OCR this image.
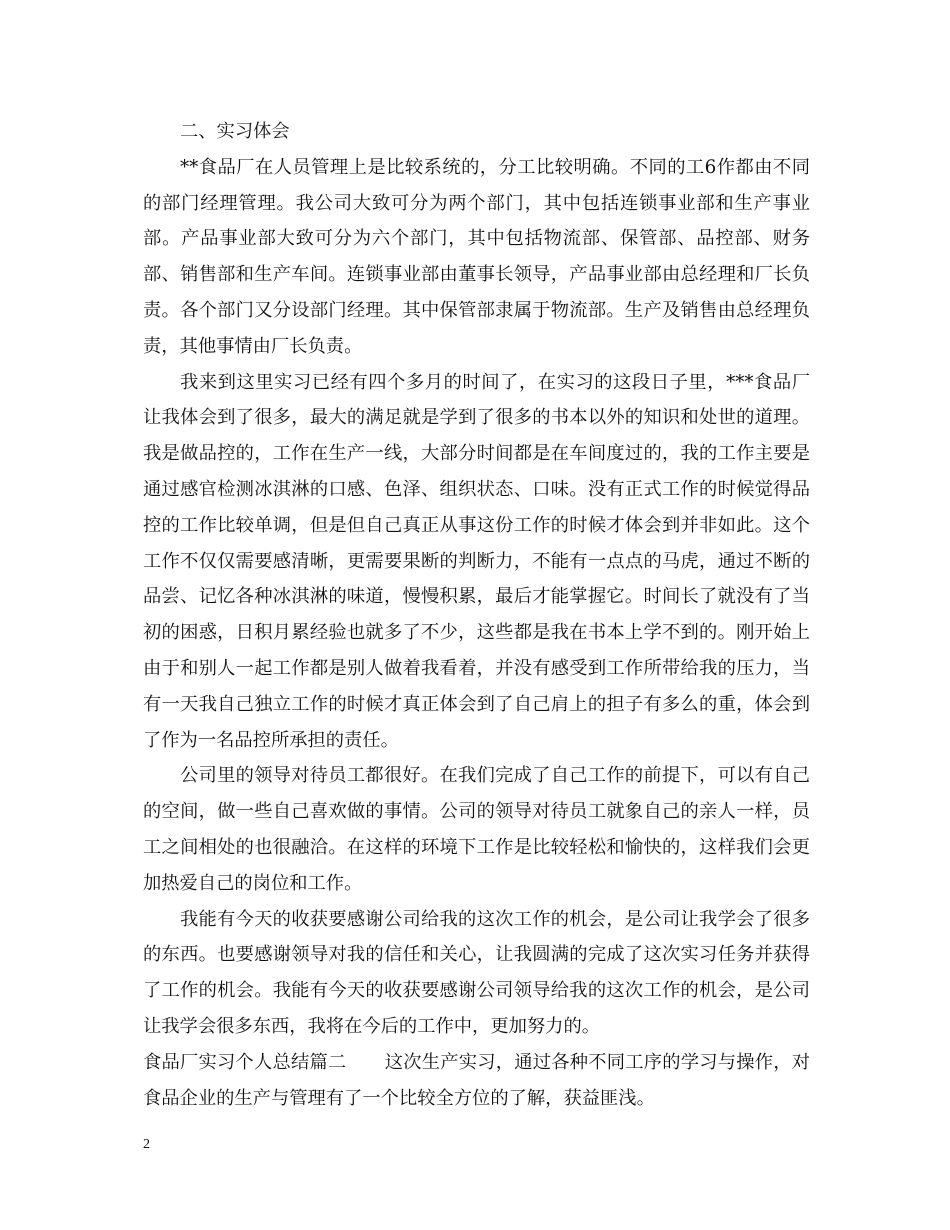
二、实习体会

**食品厂在人员管理上是比较系统的，分工比较明确。不同的工6作都由不同的部门经理管理。我公司大致可分为两个部门，其中包括连锁事业部和生产事业部。产品事业部大致可分为六个部门，其中包括物流部、保管部、品控部、财务部、销售部和生产车间。连锁事业部由董事长领导，产品事业部由总经理和厂长负责。各个部门又分设部门经理。其中保管部隶属于物流部。生产及销售由总经理负责，其他事情由厂长负责。

我来到这里实习已经有四个多月的时间了，在实习的这段日子里，***食品厂让我体会到了很多，最大的满足就是学到了很多的书本以外的知识和处世的道理。我是做品控的，工作在生产一线，大部分时间都是在车间度过的，我的工作主要是通过感官检测冰淇淋的口感、色泽、组织状态、口味。没有正式工作的时候觉得品控的工作比较单调，但是但自己真正从事这份工作的时候才体会到并非如此。这个工作不仅仅需要感清晰，更需要果断的判断力，不能有一点点的马虎，通过不断的品尝、记忆各种冰淇淋的味道，慢慢积累，最后才能掌握它。时间长了就没有了当初的困惑，日积月累经验也就多了不少，这些都是我在书本上学不到的。刚开始上由于和别人一起工作都是别人做着我看着，并没有感受到工作所带给我的压力，当有一天我自己独立工作的时候才真正体会到了自己肩上的担子有多么的重，体会到了作为一名品控所承担的责任。

公司里的领导对待员工都很好。在我们完成了自己工作的前提下，可以有自己的空间，做一些自己喜欢做的事情。公司的领导对待员工就象自己的亲人一样，员工之间相处的也很融洽。在这样的环境下工作是比较轻松和愉快的，这样我们会更加热爱自己的岗位和工作。

我能有今天的收获要感谢公司给我的这次工作的机会，是公司让我学会了很多的东西。也要感谢领导对我的信任和关心，让我圆满的完成了这次实习任务并获得了工作的机会。我能有今天的收获要感谢公司领导给我的这次工作的机会，是公司让我学会很多东西，我将在今后的工作中，更加努力的。

食品厂实习个人总结篇二 这次生产实习，通过各种不同工序的学习与操作，对食品企业的生产与管理有了一个比较全方位的了解，获益匪浅。

2
